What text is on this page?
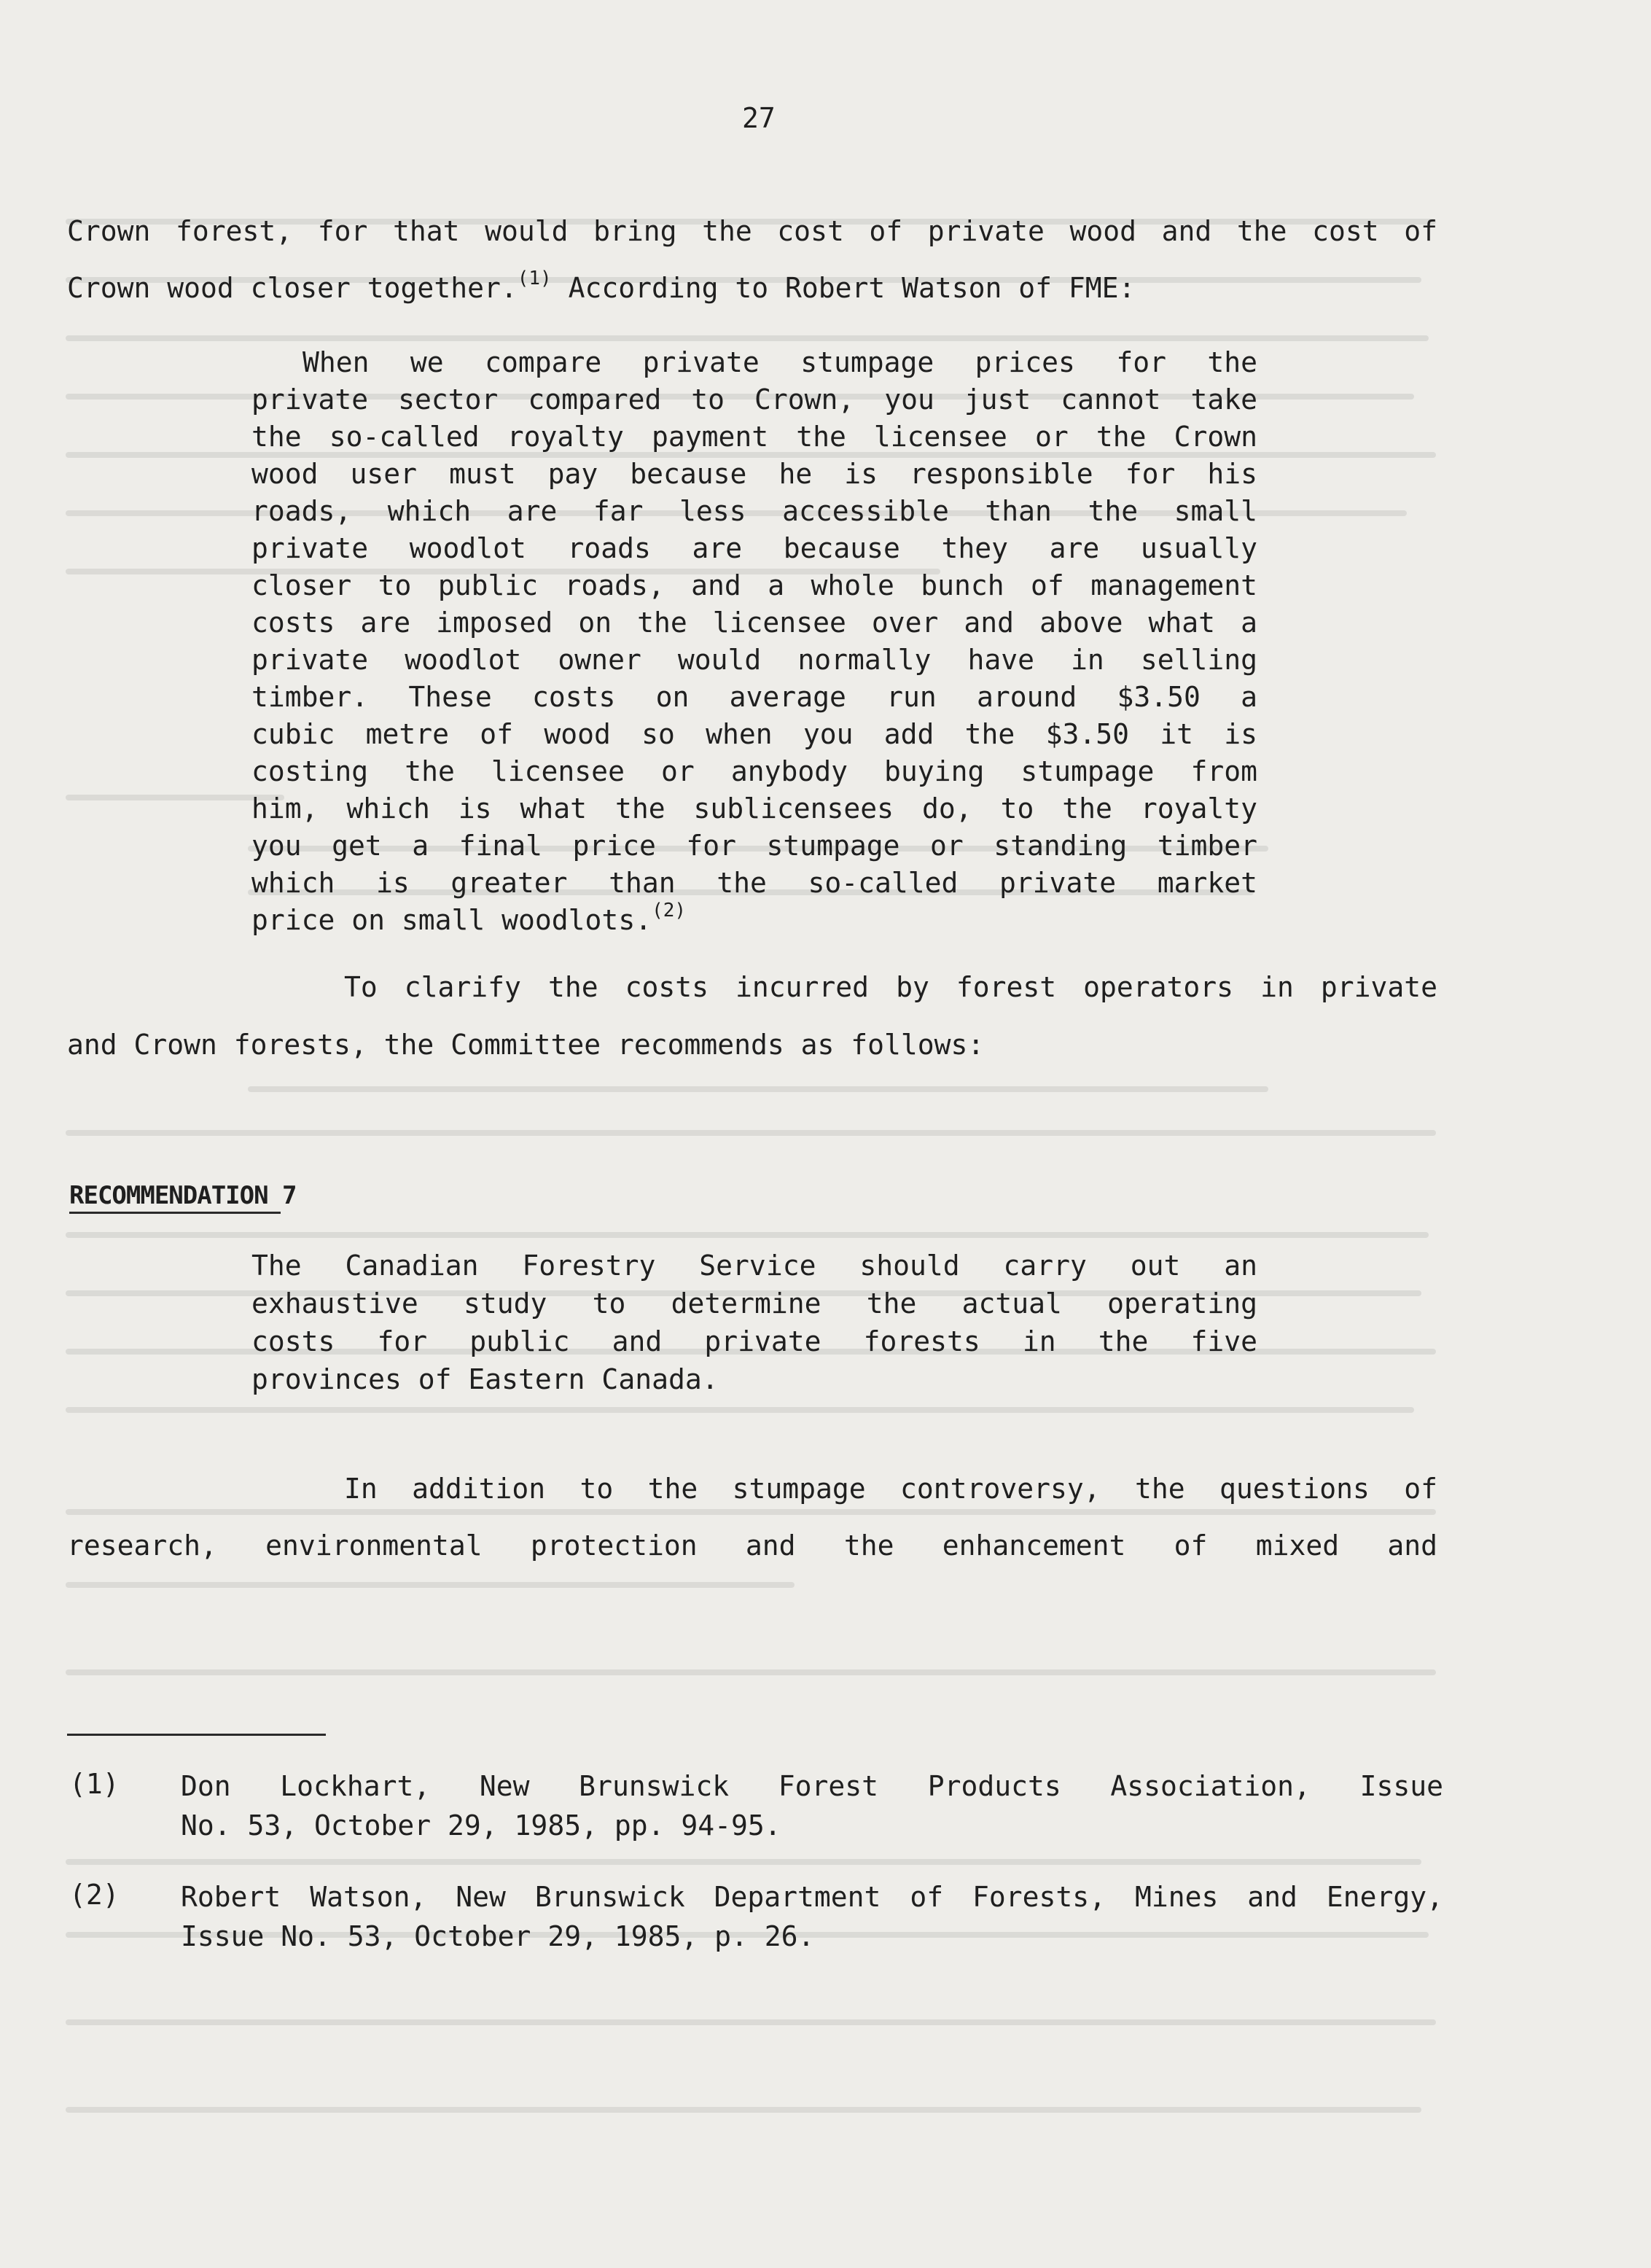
27
Crown forest, for that would bring the cost of private wood and the cost of
Crown wood closer together.$^{(1)}$ According to Robert Watson of FME:
When we compare private stumpage prices for the
private sector compared to Crown, you just cannot take
the so-called royalty payment the licensee or the Crown
wood user must pay because he is responsible for his
roads, which are far less accessible than the small
private woodlot roads are because they are usually
closer to public roads, and a whole bunch of management
costs are imposed on the licensee over and above what a
private woodlot owner would normally have in selling
timber. These costs on average run around $3.50 a
cubic metre of wood so when you add the $3.50 it is
costing the licensee or anybody buying stumpage from
him, which is what the sublicensees do, to the royalty
you get a final price for stumpage or standing timber
which is greater than the so-called private market
price on small woodlots.$^{(2)}$
To clarify the costs incurred by forest operators in private
and Crown forests, the Committee recommends as follows:
RECOMMENDATION 7
The Canadian Forestry Service should carry out an
exhaustive study to determine the actual operating
costs for public and private forests in the five
provinces of Eastern Canada.
In addition to the stumpage controversy, the questions of
research, environmental protection and the enhancement of mixed and
(1) Don Lockhart, New Brunswick Forest Products Association, Issue
No. 53, October 29, 1985, pp. 94-95.
(2) Robert Watson, New Brunswick Department of Forests, Mines and Energy,
Issue No. 53, October 29, 1985, p. 26.
